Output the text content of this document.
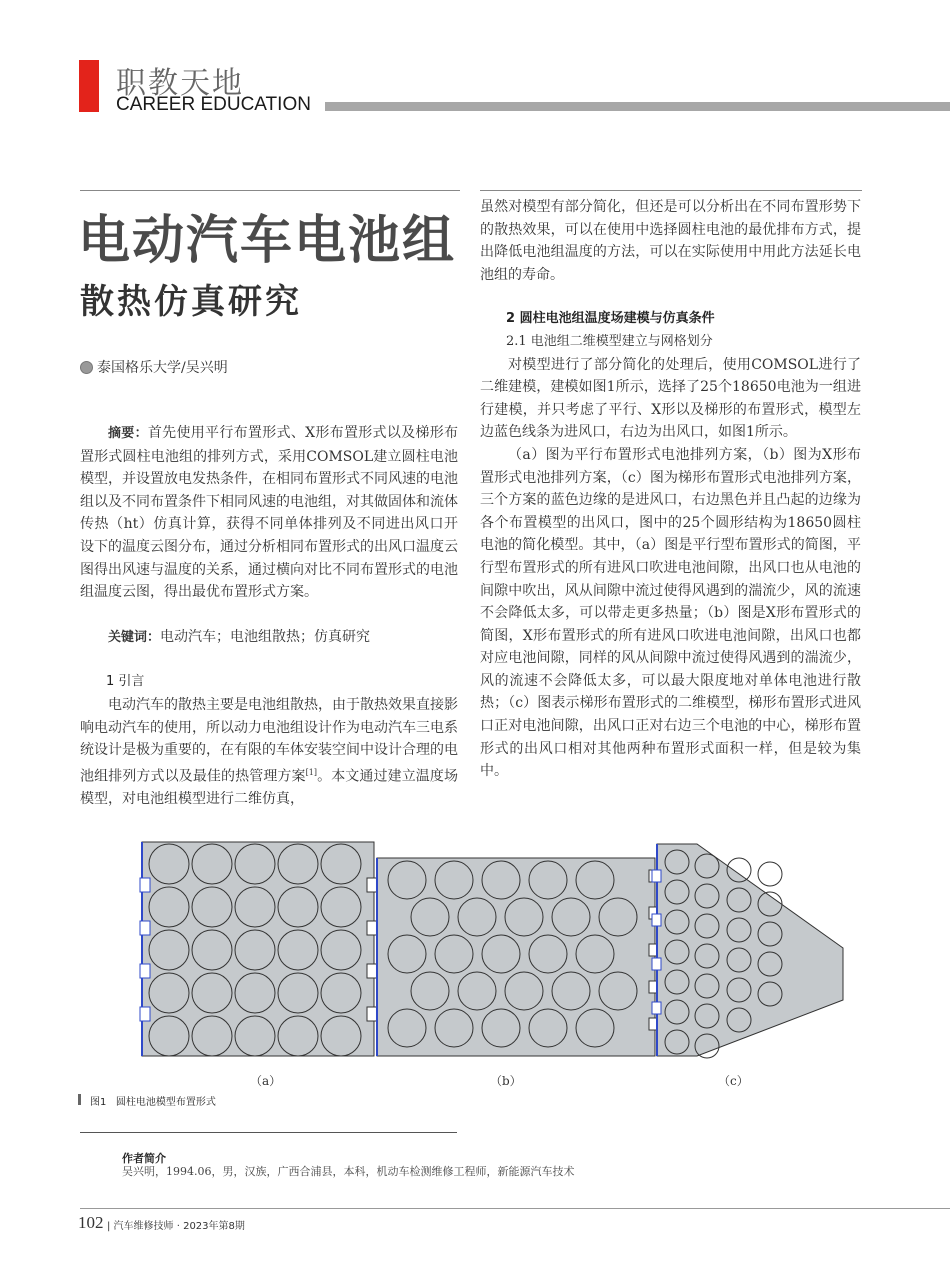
职教天地
CAREER EDUCATION
电动汽车电池组
散热仿真研究
泰国格乐大学/吴兴明

摘要：首先使用平行布置形式、X形布置形式以及梯形布置形式圆柱电池组的排列方式，采用COMSOL建立圆柱电池模型，并设置放电发热条件，在相同布置形式不同风速的电池组以及不同布置条件下相同风速的电池组，对其做固体和流体传热（ht）仿真计算，获得不同单体排列及不同进出风口开设下的温度云图分布，通过分析相同布置形式的出风口温度云图得出风速与温度的关系，通过横向对比不同布置形式的电池组温度云图，得出最优布置形式方案。

关键词：电动汽车；电池组散热；仿真研究

1 引言

电动汽车的散热主要是电池组散热，由于散热效果直接影响电动汽车的使用，所以动力电池组设计作为电动汽车三电系统设计是极为重要的，在有限的车体安装空间中设计合理的电池组排列方式以及最佳的热管理方案[1]。本文通过建立温度场模型，对电池组模型进行二维仿真，

虽然对模型有部分简化，但还是可以分析出在不同布置形势下的散热效果，可以在使用中选择圆柱电池的最优排布方式，提出降低电池组温度的方法，可以在实际使用中用此方法延长电池组的寿命。

2 圆柱电池组温度场建模与仿真条件

2.1 电池组二维模型建立与网格划分

对模型进行了部分简化的处理后，使用COMSOL进行了二维建模，建模如图1所示，选择了25个18650电池为一组进行建模，并只考虑了平行、X形以及梯形的布置形式，模型左边蓝色线条为进风口，右边为出风口，如图1所示。

（a）图为平行布置形式电池排列方案，（b）图为X形布置形式电池排列方案，（c）图为梯形布置形式电池排列方案，三个方案的蓝色边缘的是进风口，右边黑色并且凸起的边缘为各个布置模型的出风口，图中的25个圆形结构为18650圆柱电池的简化模型。其中，（a）图是平行型布置形式的简图，平行型布置形式的所有进风口吹进电池间隙，出风口也从电池的间隙中吹出，风从间隙中流过使得风遇到的湍流少，风的流速不会降低太多，可以带走更多热量；（b）图是X形布置形式的简图，X形布置形式的所有进风口吹进电池间隙，出风口也都对应电池间隙，同样的风从间隙中流过使得风遇到的湍流少，风的流速不会降低太多，可以最大限度地对单体电池进行散热；（c）图表示梯形布置形式的二维模型，梯形布置形式进风口正对电池间隙，出风口正对右边三个电池的中心，梯形布置形式的出风口相对其他两种布置形式面积一样，但是较为集中。

（a）	（b）	（c）
图1 圆柱电池模型布置形式
作者简介
吴兴明，1994.06，男，汉族，广西合浦县，本科，机动车检测维修工程师，新能源汽车技术
102 | 汽车维修技师 · 2023年第8期
